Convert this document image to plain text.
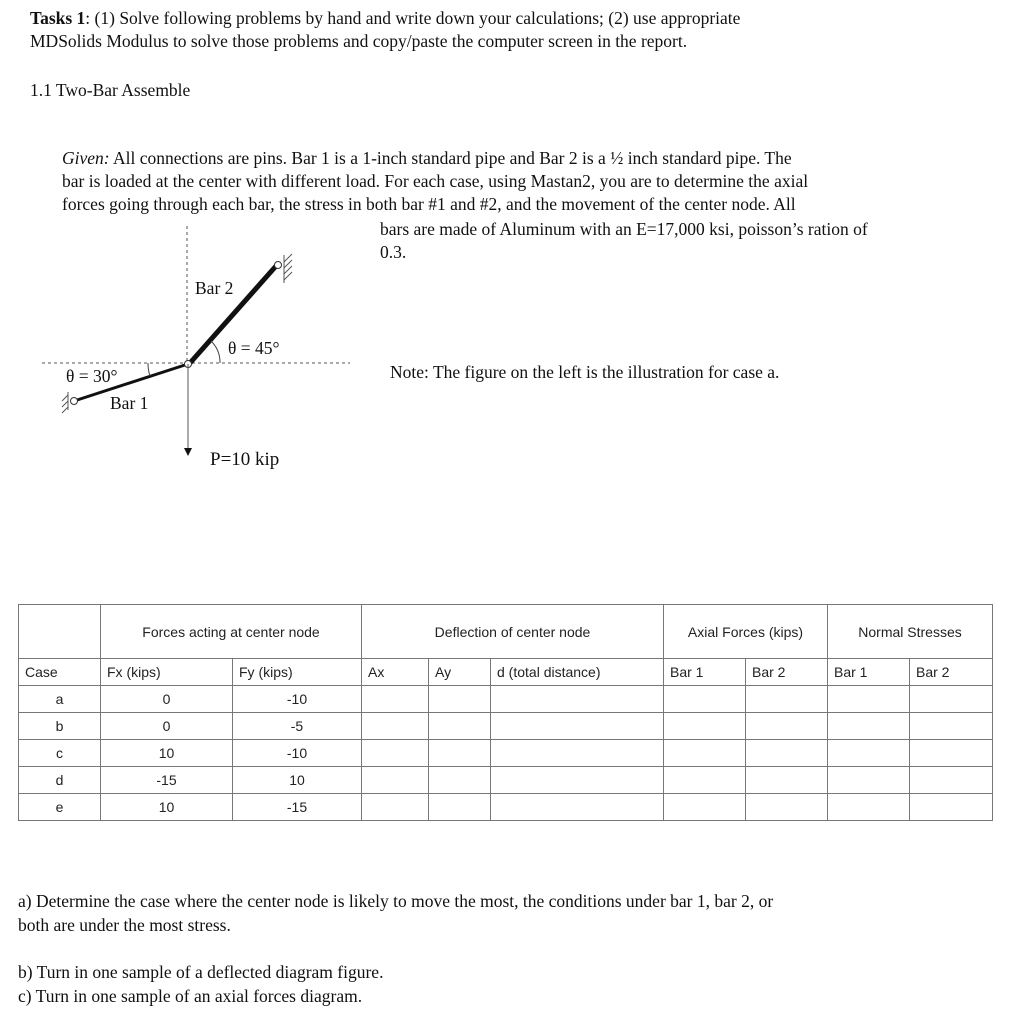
Tasks 1: (1) Solve following problems by hand and write down your calculations; (2) use appropriate
MDSolids Modulus to solve those problems and copy/paste the computer screen in the report.
1.1 Two-Bar Assemble
Given: All connections are pins. Bar 1 is a 1-inch standard pipe and Bar 2 is a ½ inch standard pipe. The
bar is loaded at the center with different load. For each case, using Mastan2, you are to determine the axial
forces going through each bar, the stress in both bar #1 and #2, and the movement of the center node. All
bars are made of Aluminum with an E=17,000 ksi, poisson’s ration of
0.3.
Note: The figure on the left is the illustration for case a.
Bar 2
θ = 45°
θ = 30°
Bar 1
P=10 kip
	Forces acting at center node		Deflection of center node			Axial Forces (kips)		Normal Stresses	
Case	Fx (kips)	Fy (kips)	Ax	Ay	d (total distance)	Bar 1	Bar 2	Bar 1	Bar 2
a	0	-10							
b	0	-5							
c	10	-10							
d	-15	10							
e	10	-15							
a) Determine the case where the center node is likely to move the most, the conditions under bar 1, bar 2, or
both are under the most stress.
b) Turn in one sample of a deflected diagram figure.
c) Turn in one sample of an axial forces diagram.
